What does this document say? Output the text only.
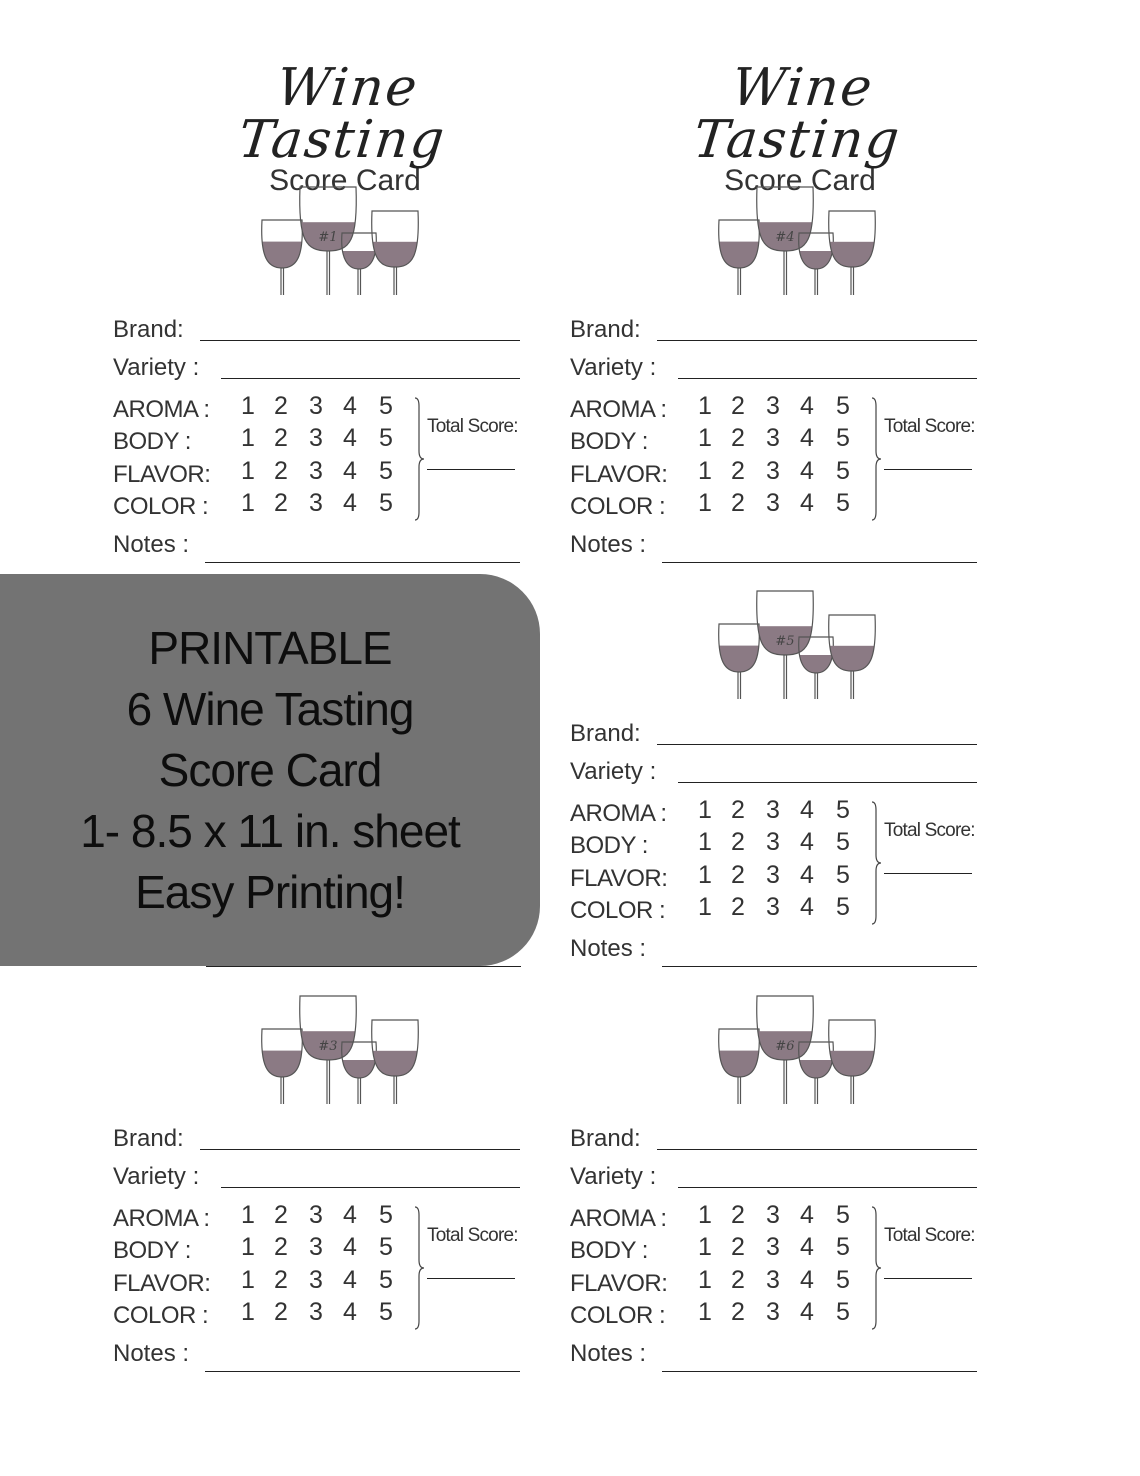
Wine Tasting
Score Card
Wine Tasting
Score Card
#1
#3
#4
#5
#6
Brand:
Variety :
AROMA : 1 2 3 4 5
BODY : 1 2 3 4 5
FLAVOR: 1 2 3 4 5
COLOR : 1 2 3 4 5
Total Score:
Notes :
Brand:
Variety :
AROMA : 1 2 3 4 5
BODY : 1 2 3 4 5
FLAVOR: 1 2 3 4 5
COLOR : 1 2 3 4 5
Total Score:
Notes :
Brand:
Variety :
AROMA : 1 2 3 4 5
BODY : 1 2 3 4 5
FLAVOR: 1 2 3 4 5
COLOR : 1 2 3 4 5
Total Score:
Notes :
Brand:
Variety :
AROMA : 1 2 3 4 5
BODY : 1 2 3 4 5
FLAVOR: 1 2 3 4 5
COLOR : 1 2 3 4 5
Total Score:
Notes :
Brand:
Variety :
AROMA : 1 2 3 4 5
BODY : 1 2 3 4 5
FLAVOR: 1 2 3 4 5
COLOR : 1 2 3 4 5
Total Score:
Notes :
PRINTABLE
6 Wine Tasting
Score Card
1- 8.5 x 11 in. sheet
Easy Printing!
